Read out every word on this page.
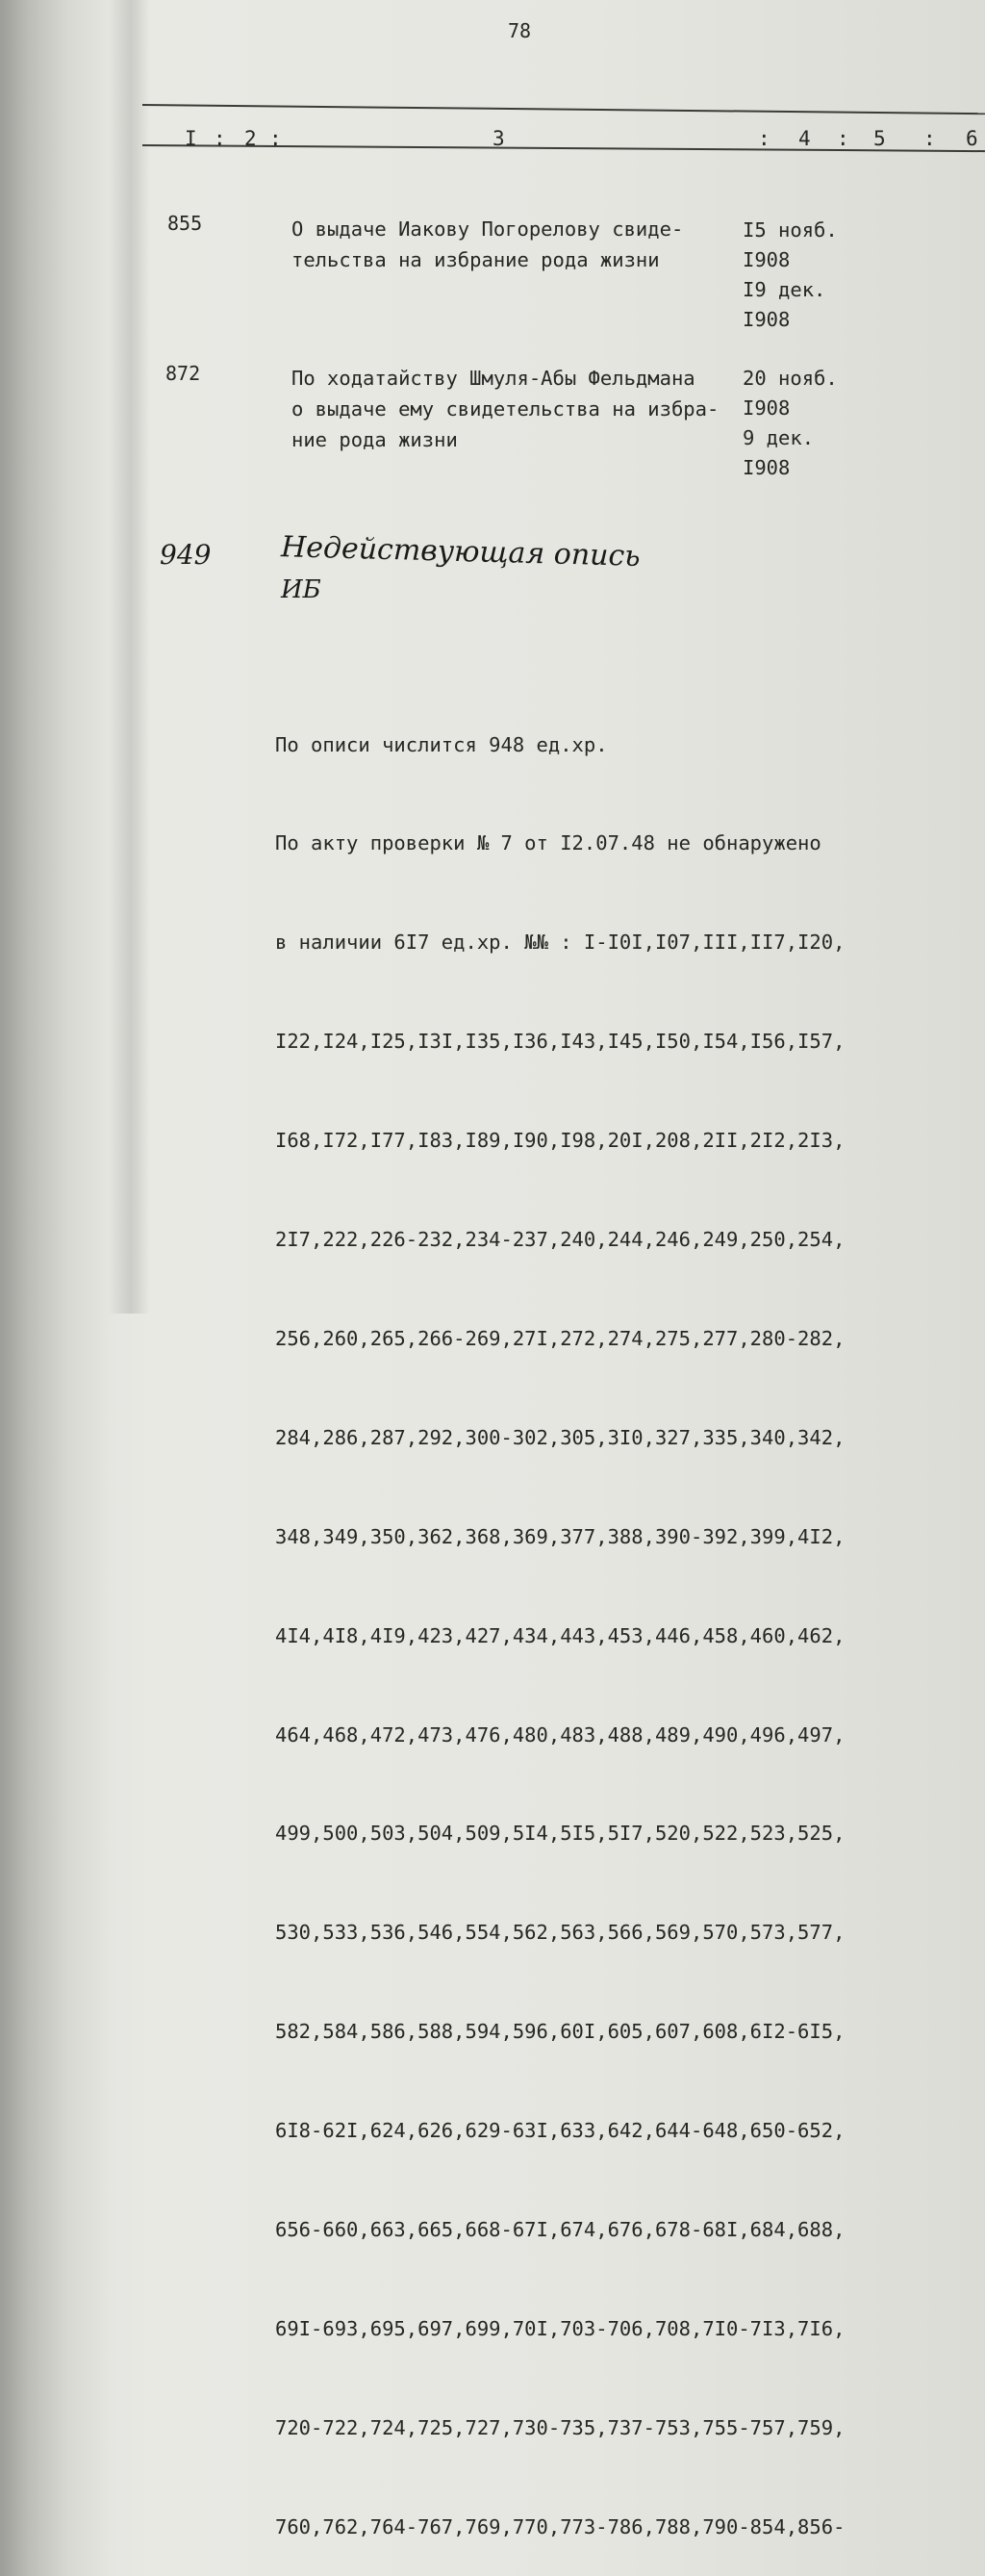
78
I : 2 :	3	: 4 : 5 : 6
855	О выдаче Иакову Погорелову свиде-
тельства на избрание рода жизни
I5 нояб.
I908
I9 дек.
I908
872	По ходатайству Шмуля-Абы Фельдмана
о выдаче ему свидетельства на избра-
ние рода жизни
20 нояб.
I908
9 дек.
I908
949 Недействующая опись
ИБ

По описи числится 948 ед.хр.

По акту проверки № 7 от I2.07.48 не обнаружено

в наличии 6I7 ед.хр. №№ : I-I0I,I07,III,II7,I20,

I22,I24,I25,I3I,I35,I36,I43,I45,I50,I54,I56,I57,

I68,I72,I77,I83,I89,I90,I98,20I,208,2II,2I2,2I3,

2I7,222,226-232,234-237,240,244,246,249,250,254,

256,260,265,266-269,27I,272,274,275,277,280-282,

284,286,287,292,300-302,305,3I0,327,335,340,342,

348,349,350,362,368,369,377,388,390-392,399,4I2,

4I4,4I8,4I9,423,427,434,443,453,446,458,460,462,

464,468,472,473,476,480,483,488,489,490,496,497,

499,500,503,504,509,5I4,5I5,5I7,520,522,523,525,

530,533,536,546,554,562,563,566,569,570,573,577,

582,584,586,588,594,596,60I,605,607,608,6I2-6I5,

6I8-62I,624,626,629-63I,633,642,644-648,650-652,

656-660,663,665,668-67I,674,676,678-68I,684,688,

69I-693,695,697,699,70I,703-706,708,7I0-7I3,7I6,

720-722,724,725,727,730-735,737-753,755-757,759,

760,762,764-767,769,770,773-786,788,790-854,856-
